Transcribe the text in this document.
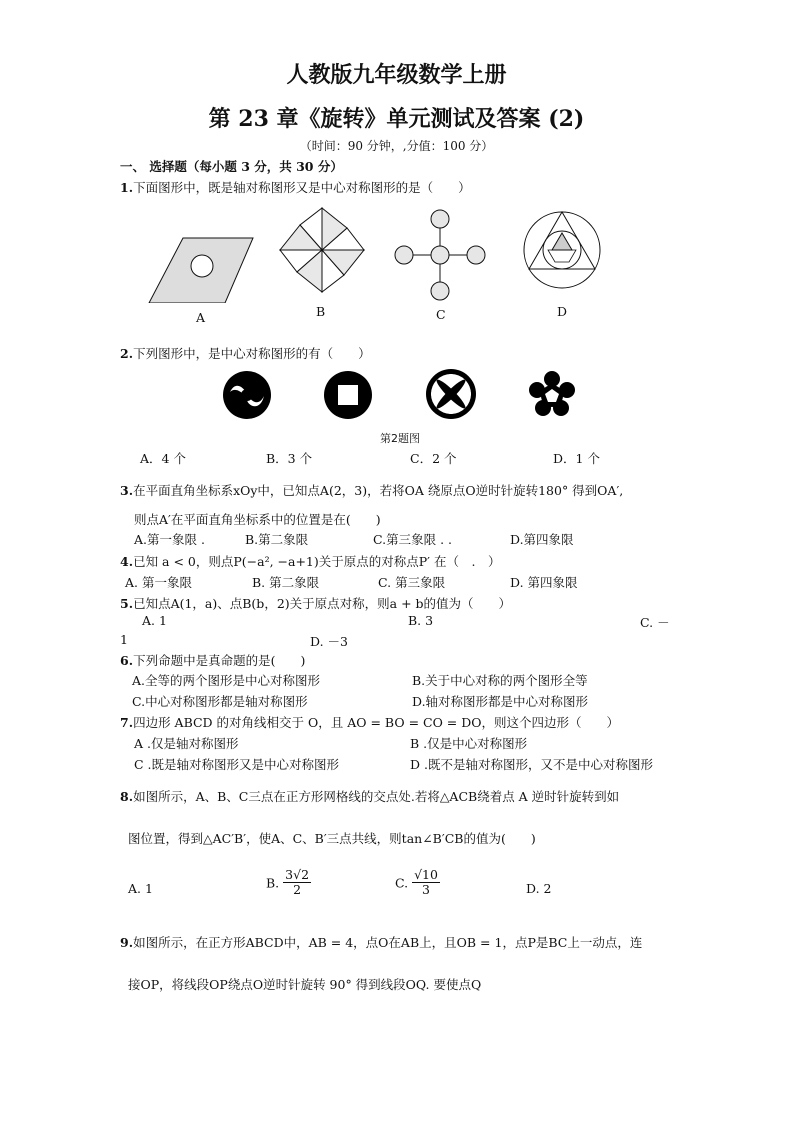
人教版九年级数学上册
第 23 章《旋转》单元测试及答案 (2)
（时间：90 分钟，,分值：100 分）
一、 选择题（每小题 3 分，共 30 分）
1.下面图形中，既是轴对称图形又是中心对称图形的是（　　）
A	B	C	D
2.下列图形中，是中心对称图形的有（　　）
第2题图
A．4 个	B．3 个	C．2 个	D．1 个
3.在平面直角坐标系xOy中，已知点A(2，3)，若将OA 绕原点O逆时针旋转180° 得到OA′,
则点A′在平面直角坐标系中的位置是在(　　)
A.第一象限 .	B.第二象限	C.第三象限 . .	D.第四象限
4.已知 a < 0，则点P(−a², −a+1)关于原点的对称点P′ 在（　.　）
A. 第一象限	B. 第二象限	C. 第三象限	D. 第四象限
5.已知点A(1，a)、点B(b，2)关于原点对称，则a + b的值为（　　）
A. 1	B. 3	C. －
1	D. －3
6.下列命题中是真命题的是(　　)
A.全等的两个图形是中心对称图形	B.关于中心对称的两个图形全等
C.中心对称图形都是轴对称图形	D.轴对称图形都是中心对称图形
7.四边形 ABCD 的对角线相交于 O，且 AO = BO = CO = DO，则这个四边形（　　）
A .仅是轴对称图形	B .仅是中心对称图形
C .既是轴对称图形又是中心对称图形	D .既不是轴对称图形，又不是中心对称图形
8.如图所示，A、B、C三点在正方形网格线的交点处.若将△ACB绕着点 A 逆时针旋转到如
图位置，得到△AC′B′，使A、C、B′三点共线，则tan∠B′CB的值为(　　)
A. 1	B. $\frac{3√2}{2}$	C. $\frac{√10}{3}$	D. 2
9.如图所示，在正方形ABCD中，AB = 4，点O在AB上，且OB = 1，点P是BC上一动点，连
接OP，将线段OP绕点O逆时针旋转 90° 得到线段OQ. 要使点Q
